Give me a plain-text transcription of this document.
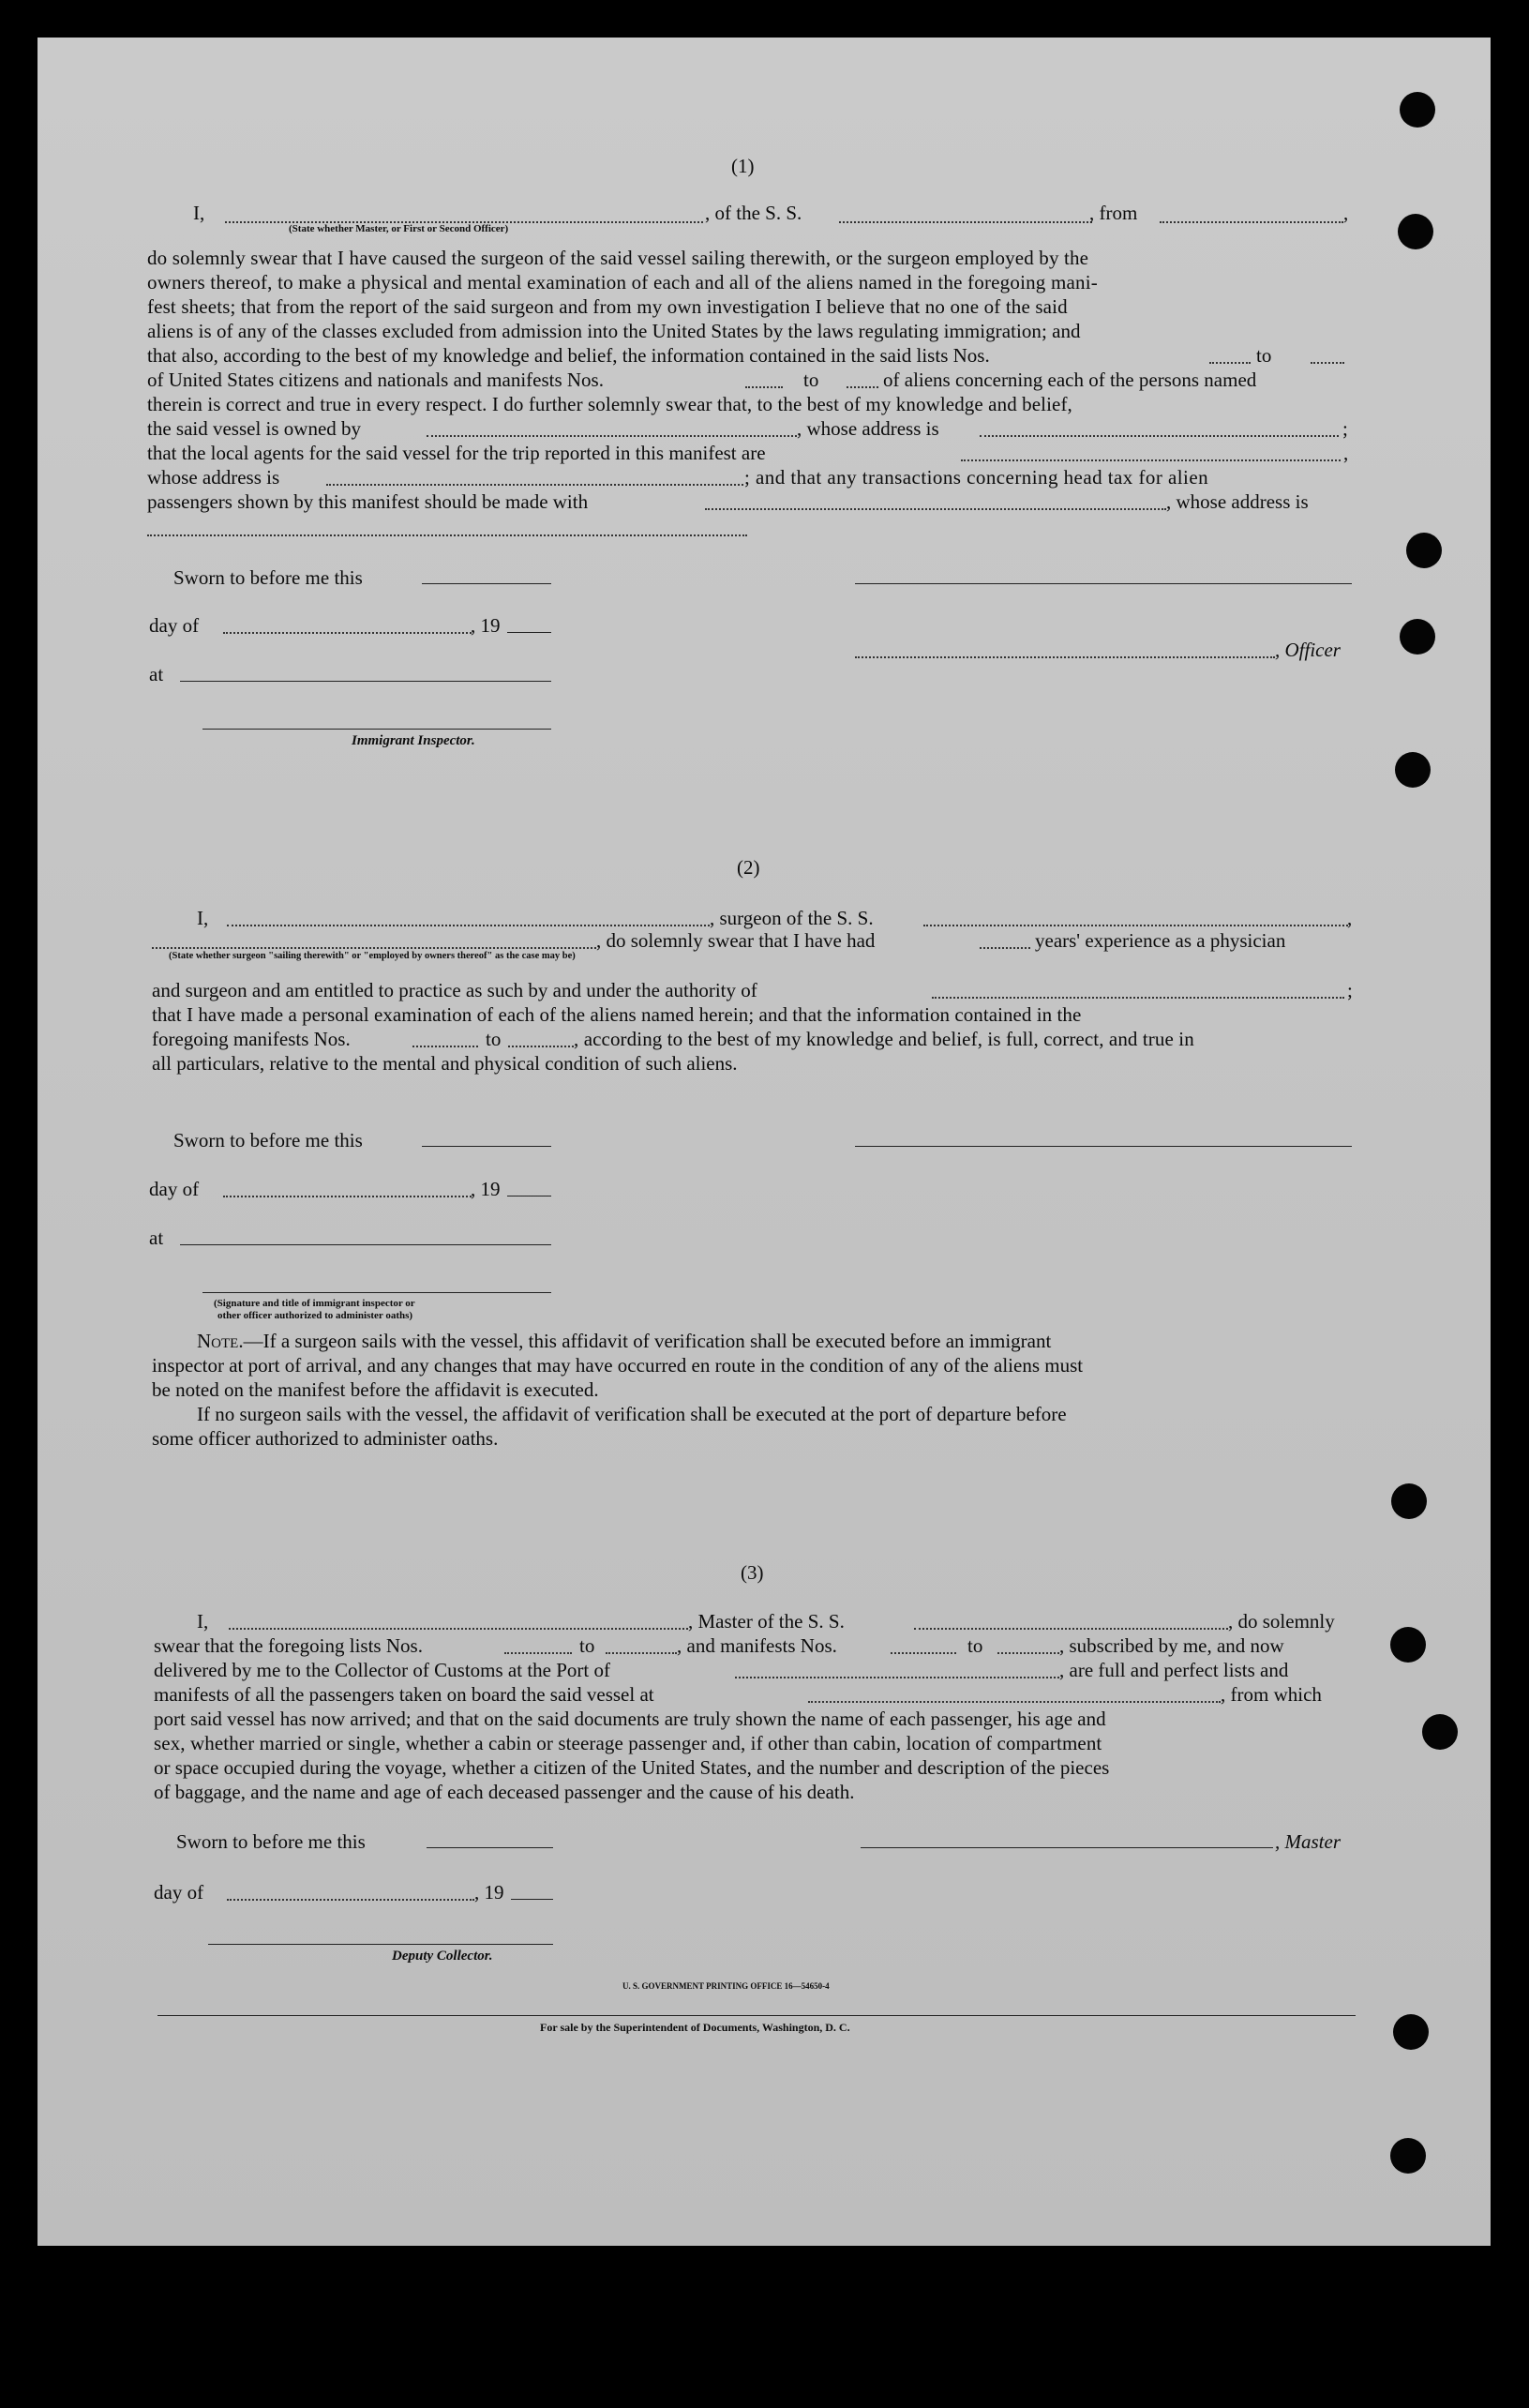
(1)
I,
(State whether Master, or First or Second Officer)
, of the S. S.	, from	,
do solemnly swear that I have caused the surgeon of the said vessel sailing therewith, or the surgeon employed by the
owners thereof, to make a physical and mental examination of each and all of the aliens named in the foregoing mani-
fest sheets; that from the report of the said surgeon and from my own investigation I believe that no one of the said
aliens is of any of the classes excluded from admission into the United States by the laws regulating immigration; and
that also, according to the best of my knowledge and belief, the information contained in the said lists Nos.	to
of United States citizens and nationals and manifests Nos.	to	of aliens concerning each of the persons named
therein is correct and true in every respect. I do further solemnly swear that, to the best of my knowledge and belief,
the said vessel is owned by	, whose address is	;
that the local agents for the said vessel for the trip reported in this manifest are	,
whose address is	; and that any transactions concerning head tax for alien
passengers shown by this manifest should be made with	, whose address is
Sworn to before me this
day of	, 19
, Officer
at
Immigrant Inspector.
(2)
I,	, surgeon of the S. S.	,
, do solemnly swear that I have had	years' experience as a physician
(State whether surgeon "sailing therewith" or "employed by owners thereof" as the case may be)
and surgeon and am entitled to practice as such by and under the authority of	;
that I have made a personal examination of each of the aliens named herein; and that the information contained in the
foregoing manifests Nos.	to	, according to the best of my knowledge and belief, is full, correct, and true in
all particulars, relative to the mental and physical condition of such aliens.
Sworn to before me this
day of	, 19
at
(Signature and title of immigrant inspector or
other officer authorized to administer oaths)
Note.—If a surgeon sails with the vessel, this affidavit of verification shall be executed before an immigrant
inspector at port of arrival, and any changes that may have occurred en route in the condition of any of the aliens must
be noted on the manifest before the affidavit is executed.
If no surgeon sails with the vessel, the affidavit of verification shall be executed at the port of departure before
some officer authorized to administer oaths.
(3)
I,	, Master of the S. S.	, do solemnly
swear that the foregoing lists Nos.	to	, and manifests Nos.	to	, subscribed by me, and now
delivered by me to the Collector of Customs at the Port of	, are full and perfect lists and
manifests of all the passengers taken on board the said vessel at	, from which
port said vessel has now arrived; and that on the said documents are truly shown the name of each passenger, his age and
sex, whether married or single, whether a cabin or steerage passenger and, if other than cabin, location of compartment
or space occupied during the voyage, whether a citizen of the United States, and the number and description of the pieces
of baggage, and the name and age of each deceased passenger and the cause of his death.
Sworn to before me this	, Master
day of	, 19
Deputy Collector.
U. S. GOVERNMENT PRINTING OFFICE 16—54650-4
For sale by the Superintendent of Documents, Washington, D. C.
